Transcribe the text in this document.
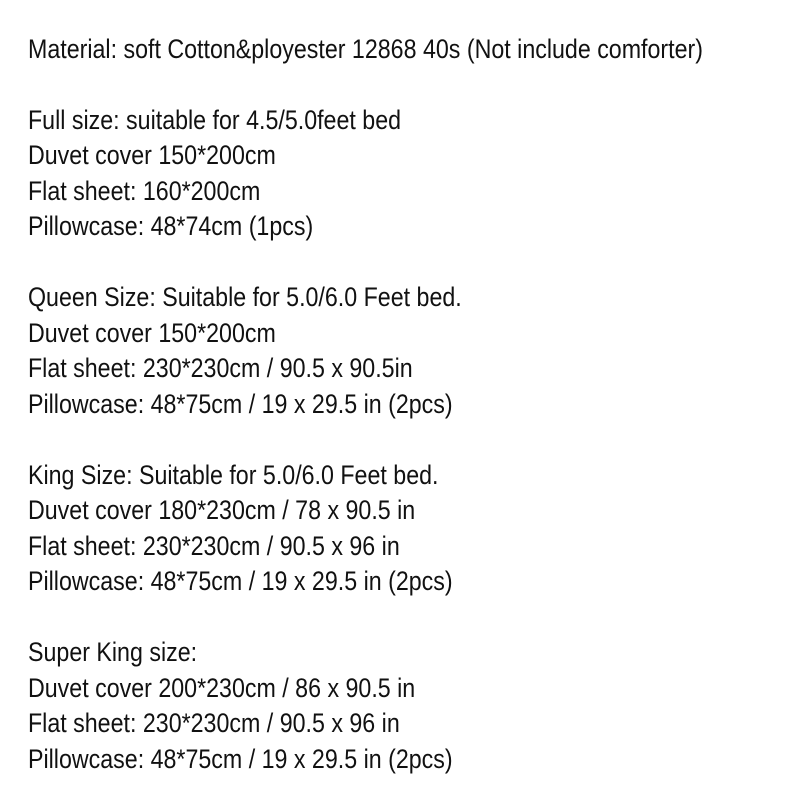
Material: soft Cotton&ployester 12868 40s (Not include comforter)
Full size: suitable for 4.5/5.0feet bed
Duvet cover 150*200cm
Flat sheet: 160*200cm
Pillowcase: 48*74cm (1pcs)
Queen Size: Suitable for 5.0/6.0 Feet bed.
Duvet cover 150*200cm
Flat sheet: 230*230cm / 90.5 x 90.5in
Pillowcase: 48*75cm / 19 x 29.5 in (2pcs)
King Size: Suitable for 5.0/6.0 Feet bed.
Duvet cover 180*230cm / 78 x 90.5 in
Flat sheet: 230*230cm / 90.5 x 96 in
Pillowcase: 48*75cm / 19 x 29.5 in (2pcs)
Super King size:
Duvet cover 200*230cm / 86 x 90.5 in
Flat sheet: 230*230cm / 90.5 x 96 in
Pillowcase: 48*75cm / 19 x 29.5 in (2pcs)
